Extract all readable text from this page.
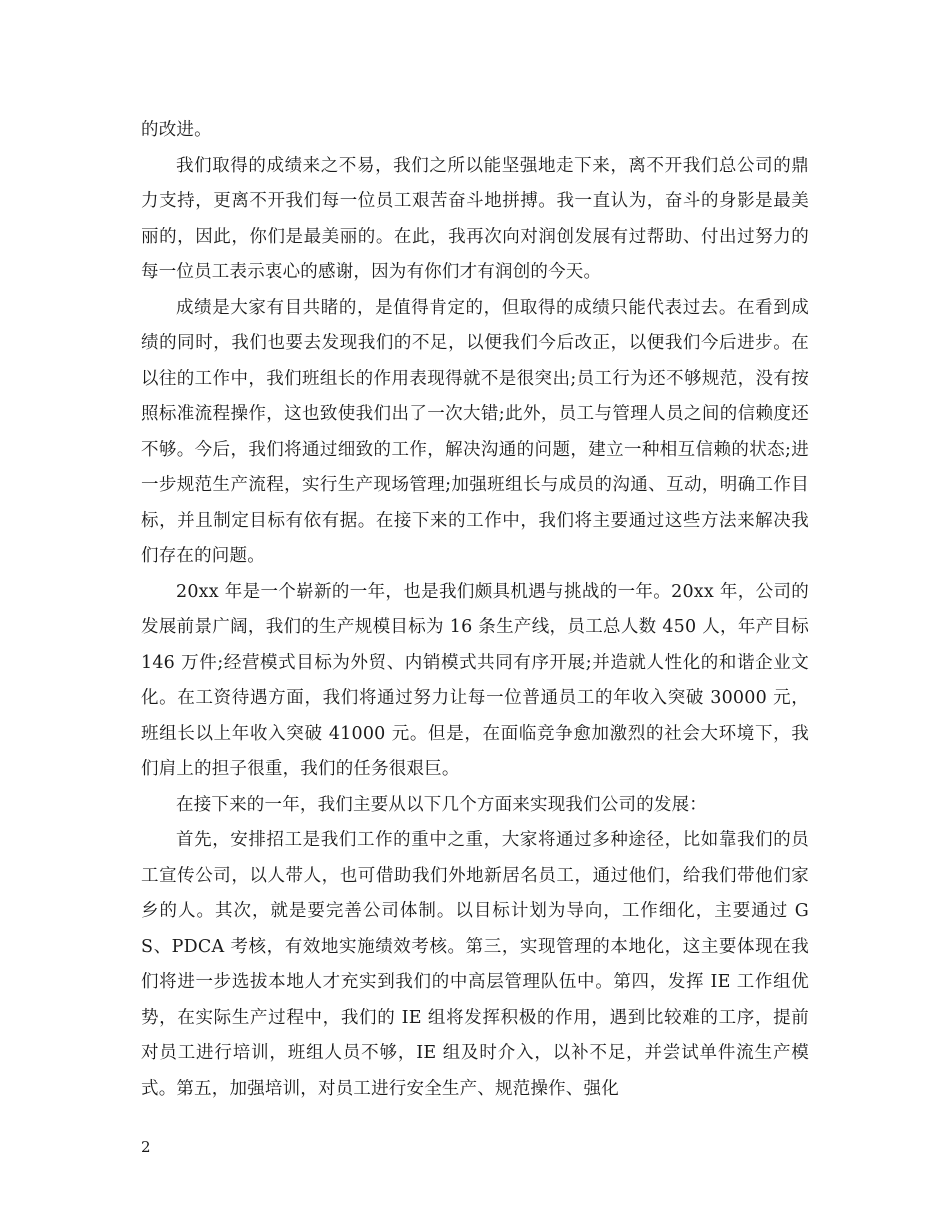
的改进。

我们取得的成绩来之不易，我们之所以能坚强地走下来，离不开我们总公司的鼎力支持，更离不开我们每一位员工艰苦奋斗地拼搏。我一直认为，奋斗的身影是最美丽的，因此，你们是最美丽的。在此，我再次向对润创发展有过帮助、付出过努力的每一位员工表示衷心的感谢，因为有你们才有润创的今天。

成绩是大家有目共睹的，是值得肯定的，但取得的成绩只能代表过去。在看到成绩的同时，我们也要去发现我们的不足，以便我们今后改正，以便我们今后进步。在以往的工作中，我们班组长的作用表现得就不是很突出;员工行为还不够规范，没有按照标准流程操作，这也致使我们出了一次大错;此外，员工与管理人员之间的信赖度还不够。今后，我们将通过细致的工作，解决沟通的问题，建立一种相互信赖的状态;进一步规范生产流程，实行生产现场管理;加强班组长与成员的沟通、互动，明确工作目标，并且制定目标有依有据。在接下来的工作中，我们将主要通过这些方法来解决我们存在的问题。

20xx 年是一个崭新的一年，也是我们颇具机遇与挑战的一年。20xx 年，公司的发展前景广阔，我们的生产规模目标为 16 条生产线，员工总人数 450 人，年产目标 146 万件;经营模式目标为外贸、内销模式共同有序开展;并造就人性化的和谐企业文化。在工资待遇方面，我们将通过努力让每一位普通员工的年收入突破 30000 元，班组长以上年收入突破 41000 元。但是，在面临竞争愈加激烈的社会大环境下，我们肩上的担子很重，我们的任务很艰巨。

在接下来的一年，我们主要从以下几个方面来实现我们公司的发展：

首先，安排招工是我们工作的重中之重，大家将通过多种途径，比如靠我们的员工宣传公司，以人带人，也可借助我们外地新居名员工，通过他们，给我们带他们家乡的人。其次，就是要完善公司体制。以目标计划为导向，工作细化，主要通过 GS、PDCA 考核，有效地实施绩效考核。第三，实现管理的本地化，这主要体现在我们将进一步选拔本地人才充实到我们的中高层管理队伍中。第四，发挥 IE 工作组优势，在实际生产过程中，我们的 IE 组将发挥积极的作用，遇到比较难的工序，提前对员工进行培训，班组人员不够，IE 组及时介入，以补不足，并尝试单件流生产模式。第五，加强培训，对员工进行安全生产、规范操作、强化

2
